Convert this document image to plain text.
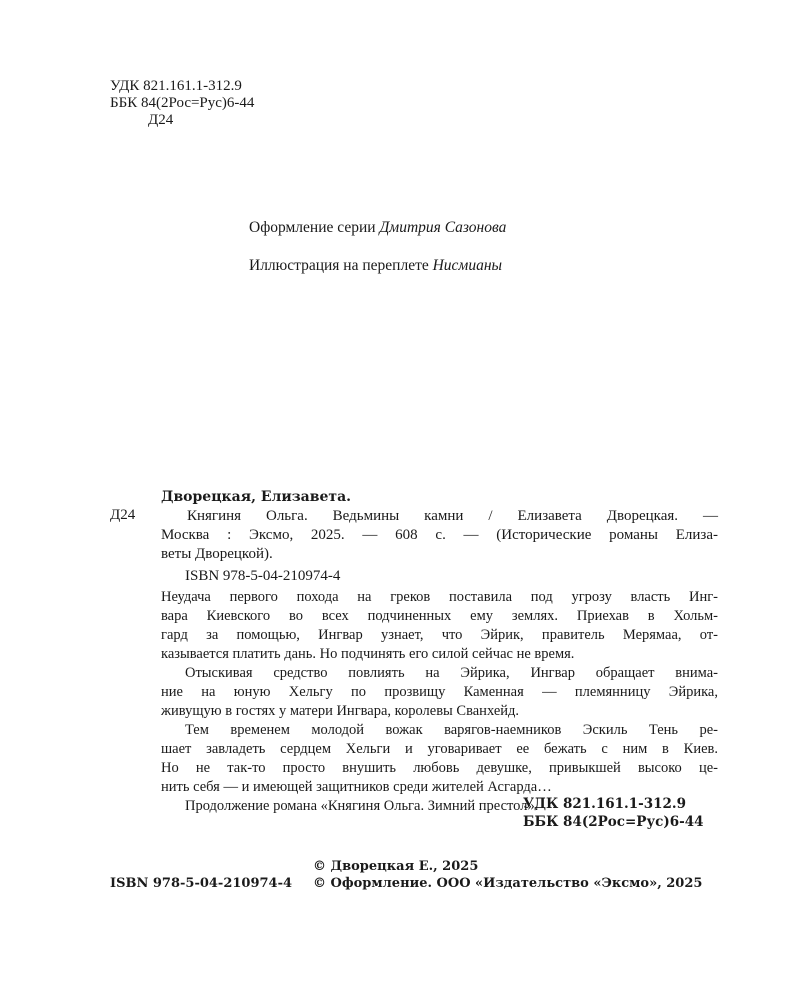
УДК 821.161.1-312.9
ББК 84(2Рос=Рус)6-44
Д24
Оформление серии Дмитрия Сазонова
Иллюстрация на переплете Нисмианы
Дворецкая, Елизавета.
Д24	Княгиня Ольга. Ведьмины камни / Елизавета Дворецкая. —
Москва : Эксмо, 2025. — 608 с. — (Исторические романы Елиза-
веты Дворецкой).
ISBN 978-5-04-210974-4
Неудача первого похода на греков поставила под угрозу власть Инг-
вара Киевского во всех подчиненных ему землях. Приехав в Хольм-
гард за помощью, Ингвар узнает, что Эйрик, правитель Мерямаа, от-
казывается платить дань. Но подчинять его силой сейчас не время.
Отыскивая средство повлиять на Эйрика, Ингвар обращает внима-
ние на юную Хельгу по прозвищу Каменная — племянницу Эйрика,
живущую в гостях у матери Ингвара, королевы Сванхейд.
Тем временем молодой вожак варягов-наемников Эскиль Тень ре-
шает завладеть сердцем Хельги и уговаривает ее бежать с ним в Киев.
Но не так-то просто внушить любовь девушке, привыкшей высоко це-
нить себя — и имеющей защитников среди жителей Асгарда…
Продолжение романа «Княгиня Ольга. Зимний престол».
УДК 821.161.1-312.9
ББК 84(2Рос=Рус)6-44
© Дворецкая Е., 2025
ISBN 978-5-04-210974-4 © Оформление. ООО «Издательство «Эксмо», 2025
